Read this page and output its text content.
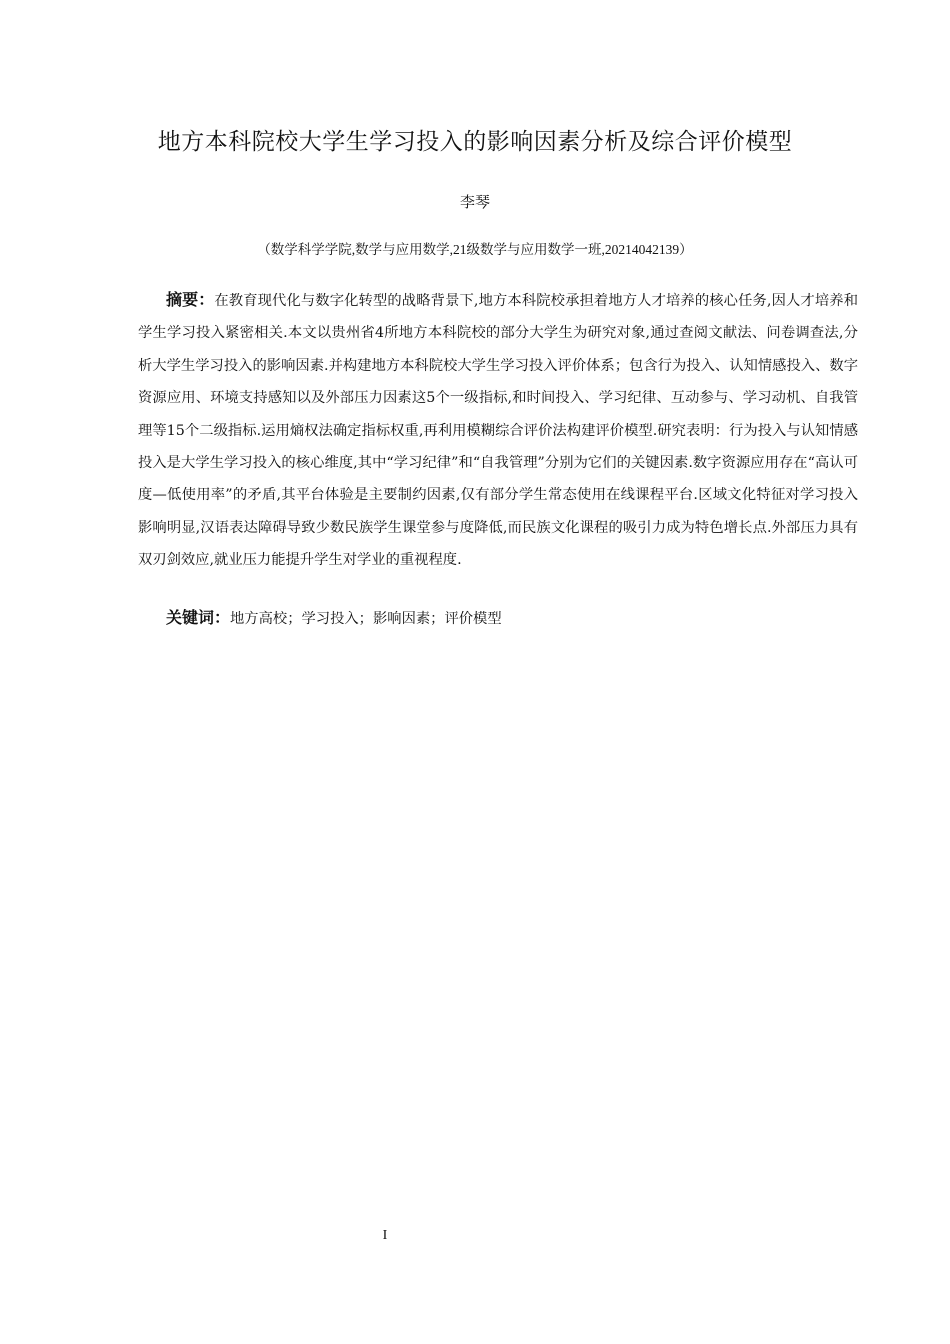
地方本科院校大学生学习投入的影响因素分析及综合评价模型
李琴
（数学科学学院,数学与应用数学,21级数学与应用数学一班,20214042139）

摘要：在教育现代化与数字化转型的战略背景下,地方本科院校承担着地方人才培养的核心任务,因人才培养和学生学习投入紧密相关.本文以贵州省4所地方本科院校的部分大学生为研究对象,通过查阅文献法、问卷调查法,分析大学生学习投入的影响因素.并构建地方本科院校大学生学习投入评价体系；包含行为投入、认知情感投入、数字资源应用、环境支持感知以及外部压力因素这5个一级指标,和时间投入、学习纪律、互动参与、学习动机、自我管理等15个二级指标.运用熵权法确定指标权重,再利用模糊综合评价法构建评价模型.研究表明：行为投入与认知情感投入是大学生学习投入的核心维度,其中“学习纪律”和“自我管理”分别为它们的关键因素.数字资源应用存在“高认可度—低使用率”的矛盾,其平台体验是主要制约因素,仅有部分学生常态使用在线课程平台.区域文化特征对学习投入影响明显,汉语表达障碍导致少数民族学生课堂参与度降低,而民族文化课程的吸引力成为特色增长点.外部压力具有双刃剑效应,就业压力能提升学生对学业的重视程度.

关键词：地方高校；学习投入；影响因素；评价模型

I
